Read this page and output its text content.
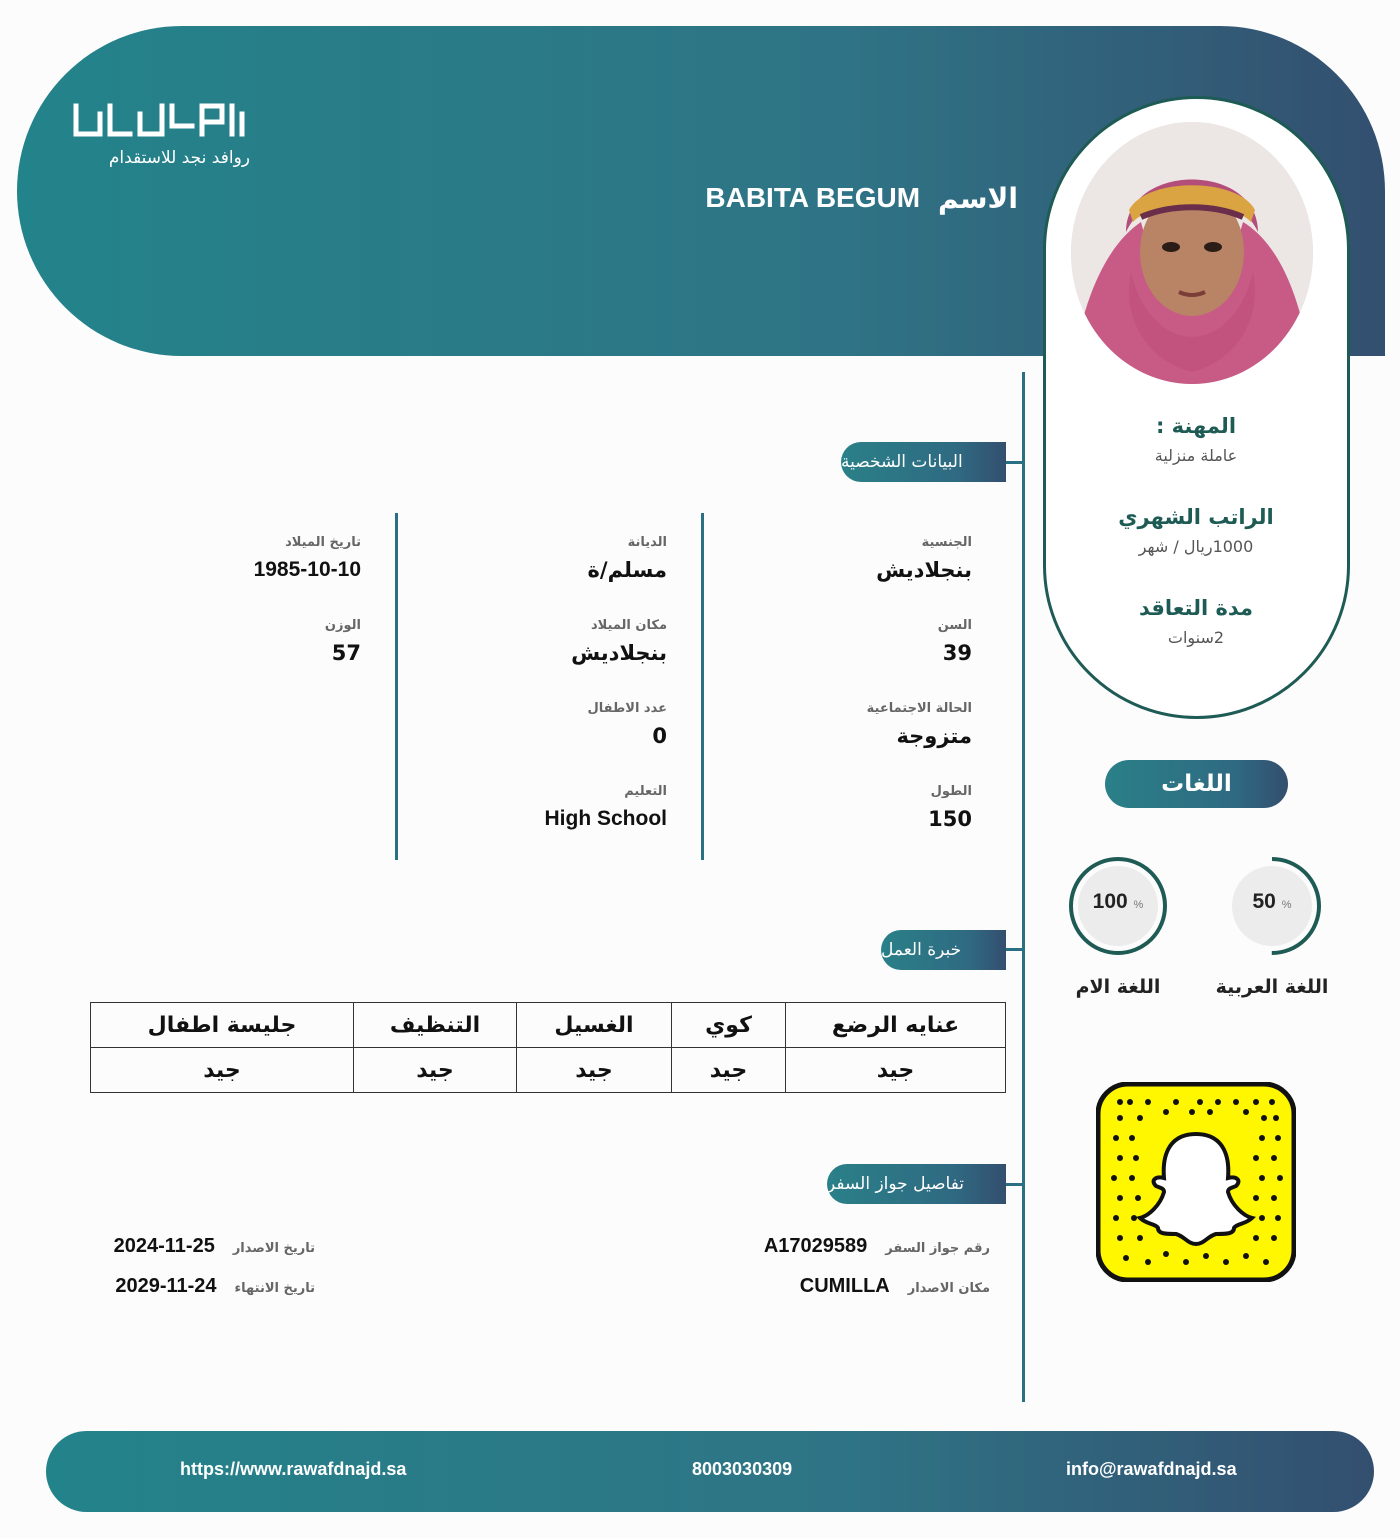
روافد نجد للاستقدام
الاسم
BABITA BEGUM
المهنة :
عاملة منزلية
الراتب الشهري
1000ريال / شهر
مدة التعاقد
2سنوات
البيانات الشخصية
الجنسية
بنجلاديش
السن
39
الحالة الاجتماعية
متزوجة
الطول
150
الديانة
مسلم/ة
مكان الميلاد
بنجلاديش
عدد الاطفال
0
التعليم
High School
تاريخ الميلاد
1985-10-10
الوزن
57
خبرة العمل
عنايه الرضع	كوي	الغسيل	التنظيف	جليسة اطفال
جيد	جيد	جيد	جيد	جيد
تفاصيل جواز السفر
رقم جواز السفر
A17029589
مكان الاصدار
CUMILLA
تاريخ الاصدار
2024-11-25
تاريخ الانتهاء
2029-11-24
اللغات
50 %
اللغة العربية
100 %
اللغة الام
https://www.rawafdnajd.sa	8003030309	info@rawafdnajd.sa
